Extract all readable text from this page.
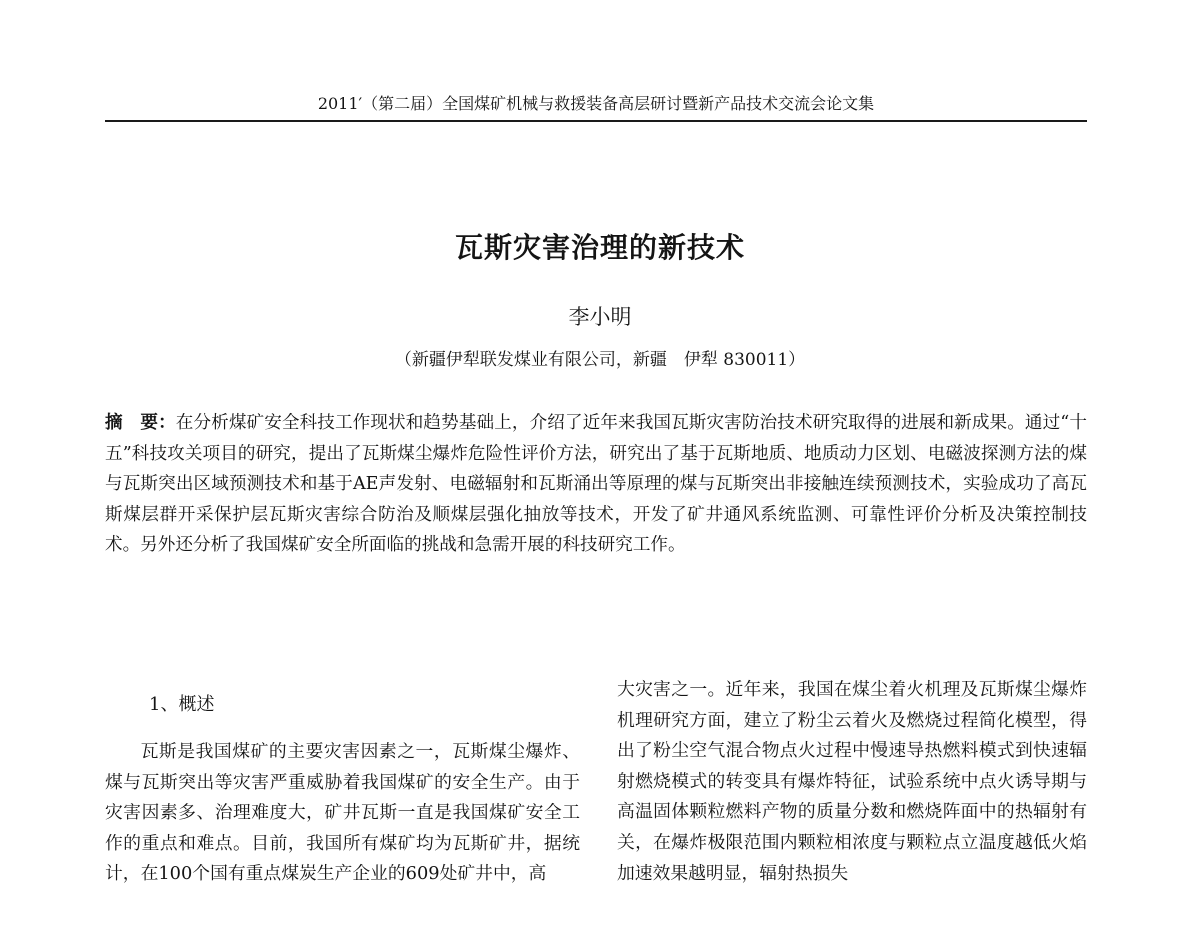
2011′（第二届）全国煤矿机械与救援装备高层研讨暨新产品技术交流会论文集
瓦斯灾害治理的新技术
李小明
（新疆伊犁联发煤业有限公司，新疆　伊犁 830011）
摘　要：在分析煤矿安全科技工作现状和趋势基础上，介绍了近年来我国瓦斯灾害防治技术研究取得的进展和新成果。通过“十五”科技攻关项目的研究，提出了瓦斯煤尘爆炸危险性评价方法，研究出了基于瓦斯地质、地质动力区划、电磁波探测方法的煤与瓦斯突出区域预测技术和基于AE声发射、电磁辐射和瓦斯涌出等原理的煤与瓦斯突出非接触连续预测技术，实验成功了高瓦斯煤层群开采保护层瓦斯灾害综合防治及顺煤层强化抽放等技术，开发了矿井通风系统监测、可靠性评价分析及决策控制技术。另外还分析了我国煤矿安全所面临的挑战和急需开展的科技研究工作。
1、概述

瓦斯是我国煤矿的主要灾害因素之一，瓦斯煤尘爆炸、煤与瓦斯突出等灾害严重威胁着我国煤矿的安全生产。由于灾害因素多、治理难度大，矿井瓦斯一直是我国煤矿安全工作的重点和难点。目前，我国所有煤矿均为瓦斯矿井，据统计，在100个国有重点煤炭生产企业的609处矿井中，高

大灾害之一。近年来，我国在煤尘着火机理及瓦斯煤尘爆炸机理研究方面，建立了粉尘云着火及燃烧过程简化模型，得出了粉尘空气混合物点火过程中慢速导热燃料模式到快速辐射燃烧模式的转变具有爆炸特征，试验系统中点火诱导期与高温固体颗粒燃料产物的质量分数和燃烧阵面中的热辐射有关，在爆炸极限范围内颗粒相浓度与颗粒点立温度越低火焰加速效果越明显，辐射热损失
